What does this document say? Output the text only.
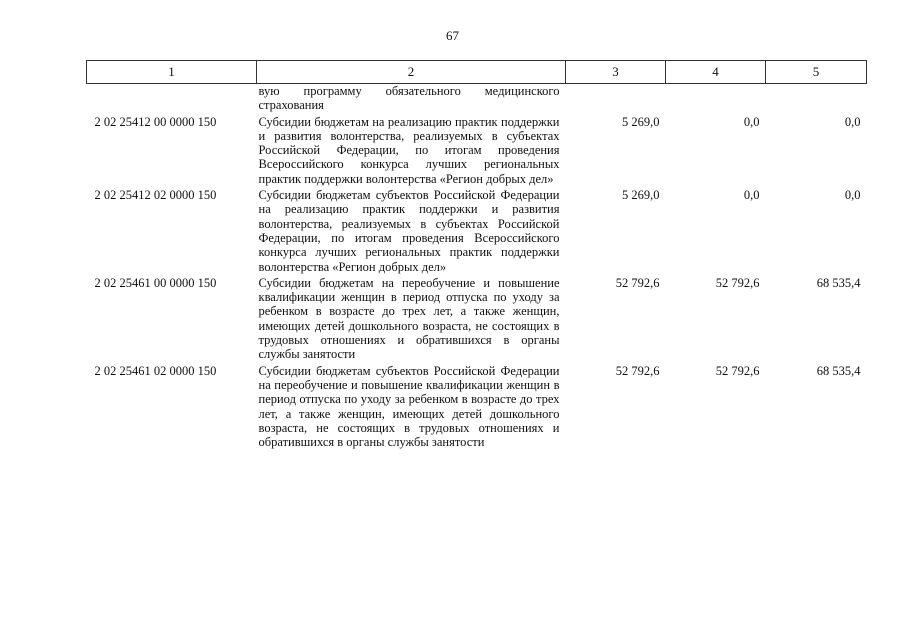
67
1	2	3	4	5
	вую программу обязательного медицинского страхования			
2 02 25412 00 0000 150	Субсидии бюджетам на реализацию практик поддержки и развития волонтерства, реализуемых в субъектах Российской Федерации, по итогам проведения Всероссийского конкурса лучших региональных практик поддержки волонтерства «Регион добрых дел»	5 269,0	0,0	0,0
2 02 25412 02 0000 150	Субсидии бюджетам субъектов Российской Федерации на реализацию практик поддержки и развития волонтерства, реализуемых в субъектах Российской Федерации, по итогам проведения Всероссийского конкурса лучших региональных практик поддержки волонтерства «Регион добрых дел»	5 269,0	0,0	0,0
2 02 25461 00 0000 150	Субсидии бюджетам на переобучение и повышение квалификации женщин в период отпуска по уходу за ребенком в возрасте до трех лет, а также женщин, имеющих детей дошкольного возраста, не состоящих в трудовых отношениях и обратившихся в органы службы занятости	52 792,6	52 792,6	68 535,4
2 02 25461 02 0000 150	Субсидии бюджетам субъектов Российской Федерации на переобучение и повышение квалификации женщин в период отпуска по уходу за ребенком в возрасте до трех лет, а также женщин, имеющих детей дошкольного возраста, не состоящих в трудовых отношениях и обратившихся в органы службы занятости	52 792,6	52 792,6	68 535,4
